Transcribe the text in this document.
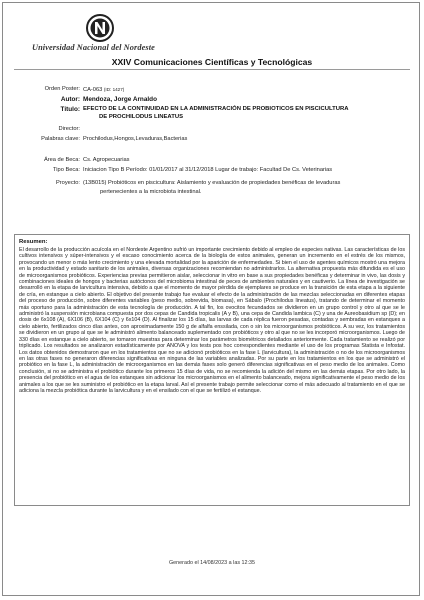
Universidad Nacional del Nordeste
XXIV Comunicaciones Científicas y Tecnológicas
Orden Poster: CA-063 (ID: 1427)
Autor: Mendoza, Jorge Arnaldo
Título: EFECTO DE LA CONTINUIDAD EN LA ADMINISTRACIÓN DE PROBIOTICOS EN PISCICULTURA
DE PROCHILODUS LINEATUS
Director:
Palabras clave: Prochilodus,Hongos,Levaduras,Bacterias
Área de Beca: Cs. Agropecuarias
Tipo Beca: Iniciacion Tipo B Período: 01/01/2017 al 31/12/2018 Lugar de trabajo: Facultad De Cs. Veterinarias
Proyecto: (13B015) Probióticos en piscicultura: Aislamiento y evaluación de propiedades benéficas de levaduras
pertenecientes a la microbiota intestinal.

Resumen:

El desarrollo de la producción acuícola en el Nordeste Argentino sufrió un importante crecimiento debido al empleo de especies nativas. Las características de los cultivos intensivos y súper-intensivos y el escaso conocimiento acerca de la biología de estos animales, generan un incremento en el estrés de los mismos, provocando un menor o más lento crecimiento y una elevada mortalidad por la aparición de enfermedades. Si bien el uso de agentes químicos mostró una mejora en la productividad y estado sanitario de los animales, diversas organizaciones recomiendan no administrarlos. La alternativa propuesta más difundida es el uso de microorganismos probióticos. Experiencias previas permitieron aislar, seleccionar in vitro en base a sus propiedades benéficas y determinar in vivo, las dosis y combinaciones ideales de hongos y bacterias autóctonos del microbioma intestinal de peces de ambientes naturales y en cautiverio. La línea de investigación se desarrolló en la etapa de larvicultura intensiva, debido a que el momento de mayor pérdida de ejemplares se produce en la transición de esta etapa a la siguiente de cría, en estanque a cielo abierto. El objetivo del presente trabajo fue evaluar el efecto de la administración de las mezclas seleccionadas en diferentes etapas del proceso de producción, sobre diferentes variables (peso medio, sobrevida, biomasa), en Sábalo (Prochilodus lineatus), tratando de determinar el momento más oportuno para la administración de esta tecnología de producción. A tal fin, los ovocitos fecundados se dividieron en un grupo control y otro al que se le administró la suspensión microbiana compuesta por dos cepas de Candida tropicalis (A y B), una cepa de Candida lambica (C) y una de Aureobasidium sp (D); en dosis de 6x108 (A), 6X106 (B), 6X104 (C) y 6x104 (D). Al finalizar los 15 días, las larvas de cada réplica fueron pesadas, contadas y sembradas en estanques a cielo abierto, fertilizados cinco días antes, con aproximadamente 150 g de alfalfa enssilada, con o sin los microorganismos probióticos. A su vez, los tratamientos se dividieron en un grupo al que se le administró alimento balanceado suplementado con probióticos y otro al que no se les incorporó microorganismos. Luego de 330 días en estanque a cielo abierto, se tomaron muestras para determinar los parámetros biométricos detallados anteriormente. Cada tratamiento se realizó por triplicado. Los resultados se analizaron estadísticamente por ANOVA y los tests pos hoc correspondientes mediante el uso de los programas Statista e Infostat. Los datos obtenidos demostraron que en los tratamientos que no se adicionó probióticos en la fase L (larvicultura), la administración o no de los microorganismos en las otras fases no generaron diferencias significativas en ninguna de las variables analizadas. Por su parte en los tratamientos en los que se administró el probiótico en la fase L, la administración de microorganismos en las demás fases solo generó diferencias significativas en el peso medio de los animales. Como conclusión, si no se administra el probiótico durante los primeros 15 días de vida, no se recomienda la adición del mismo en las demás etapas. Por otro lado, la presencia del probiótico en el agua de los estanques sin adicionar los microorganismos en el alimento balanceado, mejora significativamente el peso medio de los animales a los que se les suministro el probiótico en la etapa larval. Así el presente trabajo permite seleccionar como el más adecuado al tratamiento en el que se adiciona la mezcla probiótica durante la larvicultura y en el ensilado con el que se fertilizó el estanque.

Generado el 14/08/2023 a las 12:35
